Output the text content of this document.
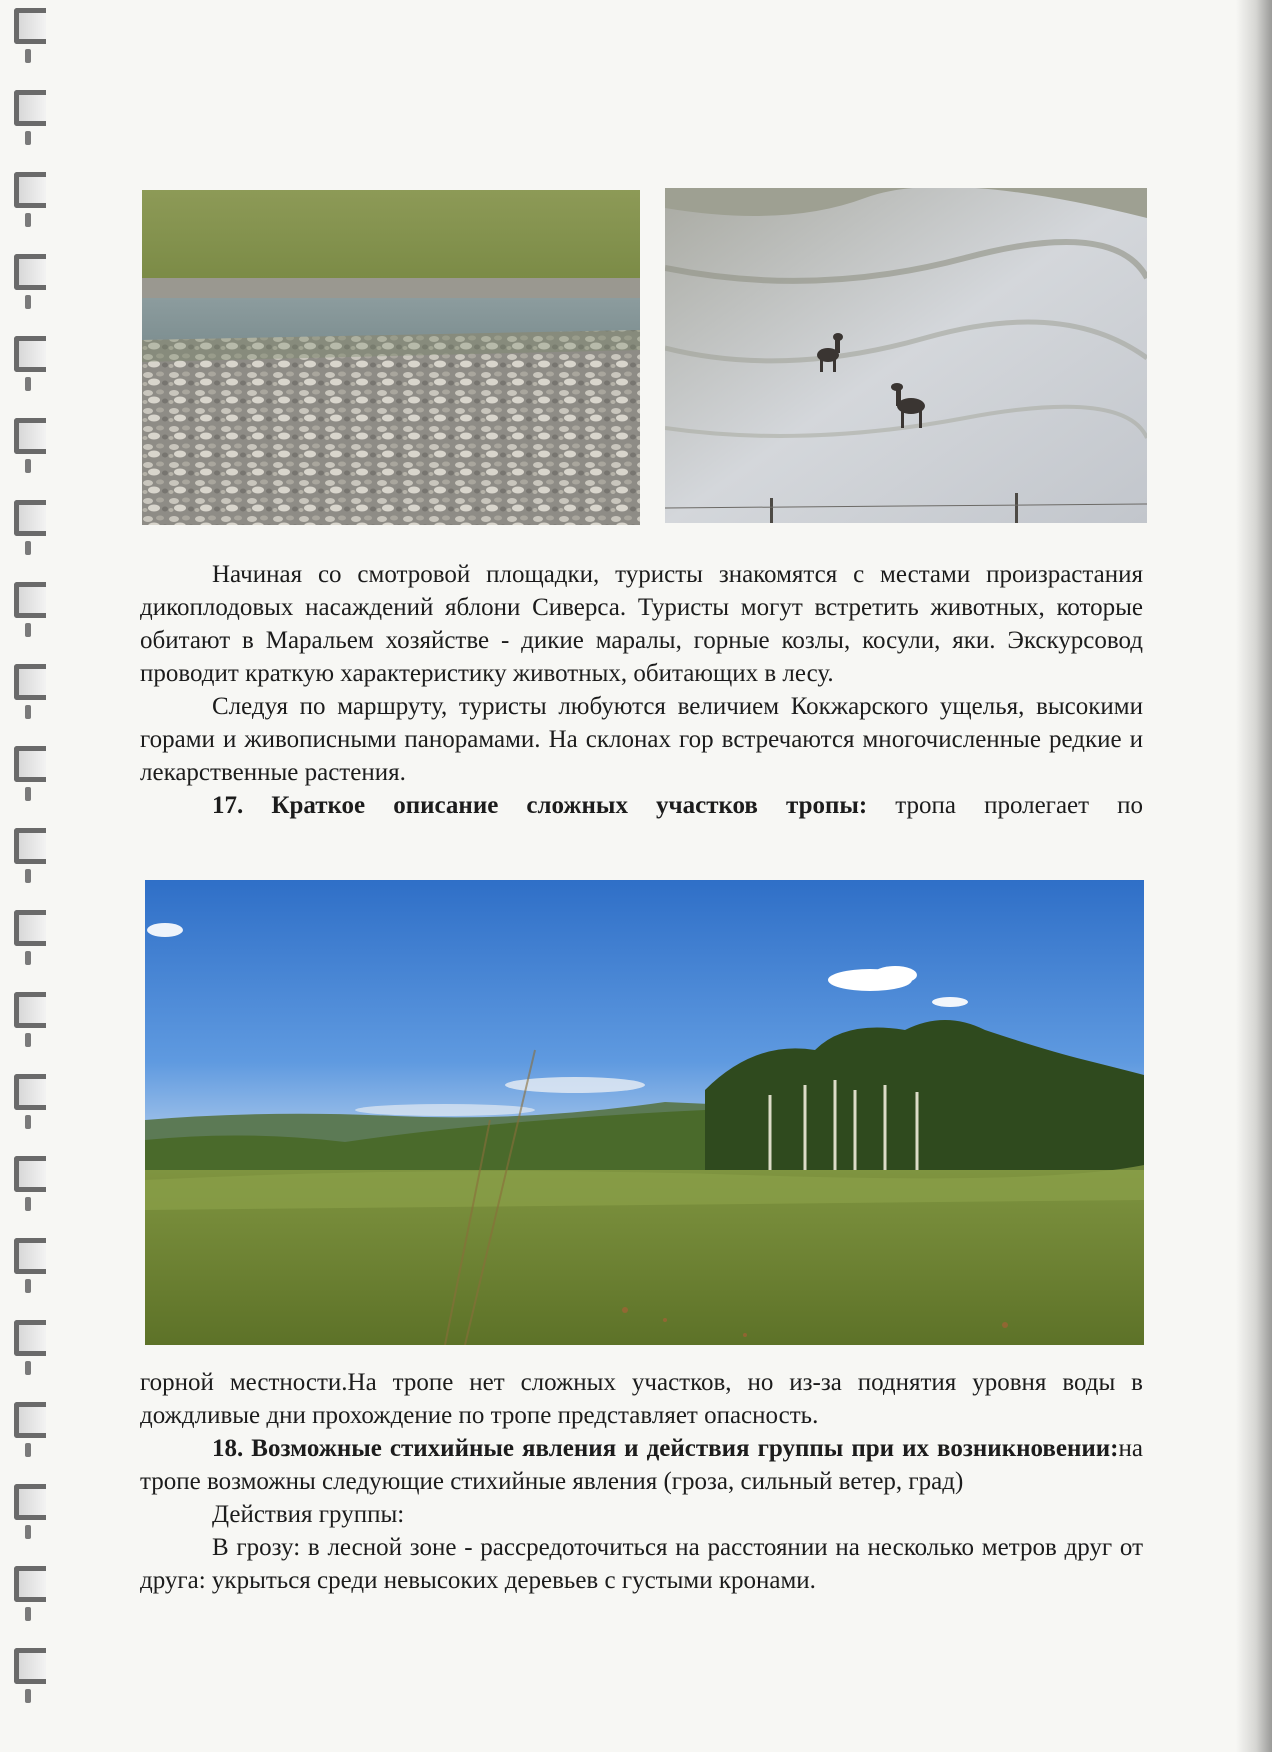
Начиная со смотровой площадки, туристы знакомятся с местами произрастания дикоплодовых насаждений яблони Сиверса. Туристы могут встретить животных, которые обитают в Маральем хозяйстве - дикие маралы, горные козлы, косули, яки. Экскурсовод проводит краткую характеристику животных, обитающих в лесу.

Следуя по маршруту, туристы любуются величием Кокжарского ущелья, высокими горами и живописными панорамами. На склонах гор встречаются многочисленные редкие и лекарственные растения.

17. Краткое описание сложных участков тропы: тропа пролегает по

горной местности.На тропе нет сложных участков, но из-за поднятия уровня воды в дождливые дни прохождение по тропе представляет опасность.

18. Возможные стихийные явления и действия группы при их возникновении:на тропе возможны следующие стихийные явления (гроза, сильный ветер, град)

Действия группы:

В грозу: в лесной зоне - рассредоточиться на расстоянии на несколько метров друг от друга: укрыться среди невысоких деревьев с густыми кронами.
